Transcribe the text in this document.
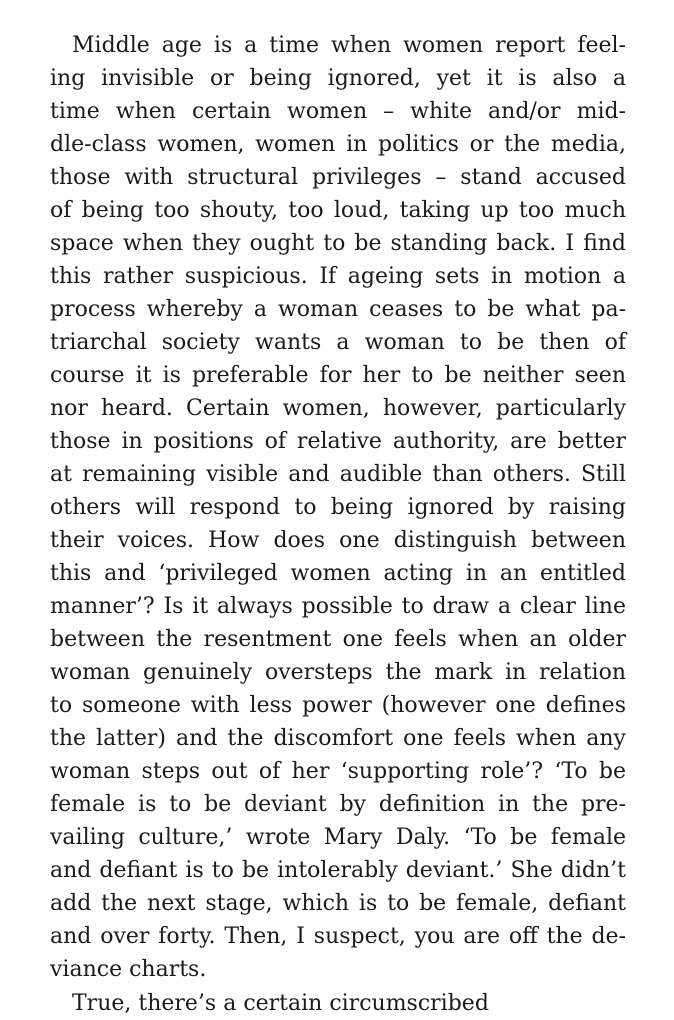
Middle age is a time when women report feel-
ing invisible or being ignored, yet it is also a
time when certain women – white and/or mid-
dle-class women, women in politics or the media,
those with structural privileges – stand accused
of being too shouty, too loud, taking up too much
space when they ought to be standing back. I find
this rather suspicious. If ageing sets in motion a
process whereby a woman ceases to be what pa-
triarchal society wants a woman to be then of
course it is preferable for her to be neither seen
nor heard. Certain women, however, particularly
those in positions of relative authority, are better
at remaining visible and audible than others. Still
others will respond to being ignored by raising
their voices. How does one distinguish between
this and ‘privileged women acting in an entitled
manner’? Is it always possible to draw a clear line
between the resentment one feels when an older
woman genuinely oversteps the mark in relation
to someone with less power (however one defines
the latter) and the discomfort one feels when any
woman steps out of her ‘supporting role’? ‘To be
female is to be deviant by definition in the pre-
vailing culture,’ wrote Mary Daly. ‘To be female
and defiant is to be intolerably deviant.’ She didn’t
add the next stage, which is to be female, defiant
and over forty. Then, I suspect, you are off the de-
viance charts.
True, there’s a certain circumscribed
